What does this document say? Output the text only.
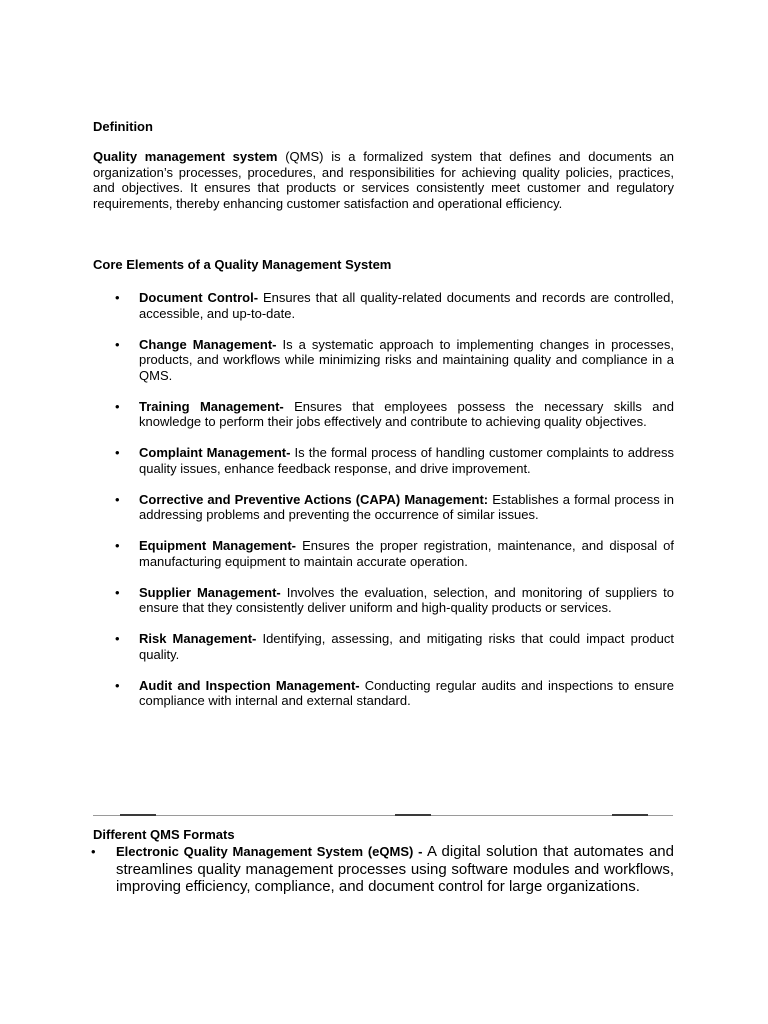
Definition

Quality management system (QMS) is a formalized system that defines and documents an organization’s processes, procedures, and responsibilities for achieving quality policies, practices, and objectives. It ensures that products or services consistently meet customer and regulatory requirements, thereby enhancing customer satisfaction and operational efficiency.

Core Elements of a Quality Management System

• Document Control- Ensures that all quality-related documents and records are controlled, accessible, and up-to-date.
• Change Management- Is a systematic approach to implementing changes in processes, products, and workflows while minimizing risks and maintaining quality and compliance in a QMS.
• Training Management- Ensures that employees possess the necessary skills and knowledge to perform their jobs effectively and contribute to achieving quality objectives.
• Complaint Management- Is the formal process of handling customer complaints to address quality issues, enhance feedback response, and drive improvement.
• Corrective and Preventive Actions (CAPA) Management: Establishes a formal process in addressing problems and preventing the occurrence of similar issues.
• Equipment Management- Ensures the proper registration, maintenance, and disposal of manufacturing equipment to maintain accurate operation.
• Supplier Management- Involves the evaluation, selection, and monitoring of suppliers to ensure that they consistently deliver uniform and high-quality products or services.
• Risk Management- Identifying, assessing, and mitigating risks that could impact product quality.
• Audit and Inspection Management- Conducting regular audits and inspections to ensure compliance with internal and external standard.

Different QMS Formats

• Electronic Quality Management System (eQMS) - A digital solution that automates and streamlines quality management processes using software modules and workflows, improving efficiency, compliance, and document control for large organizations.
